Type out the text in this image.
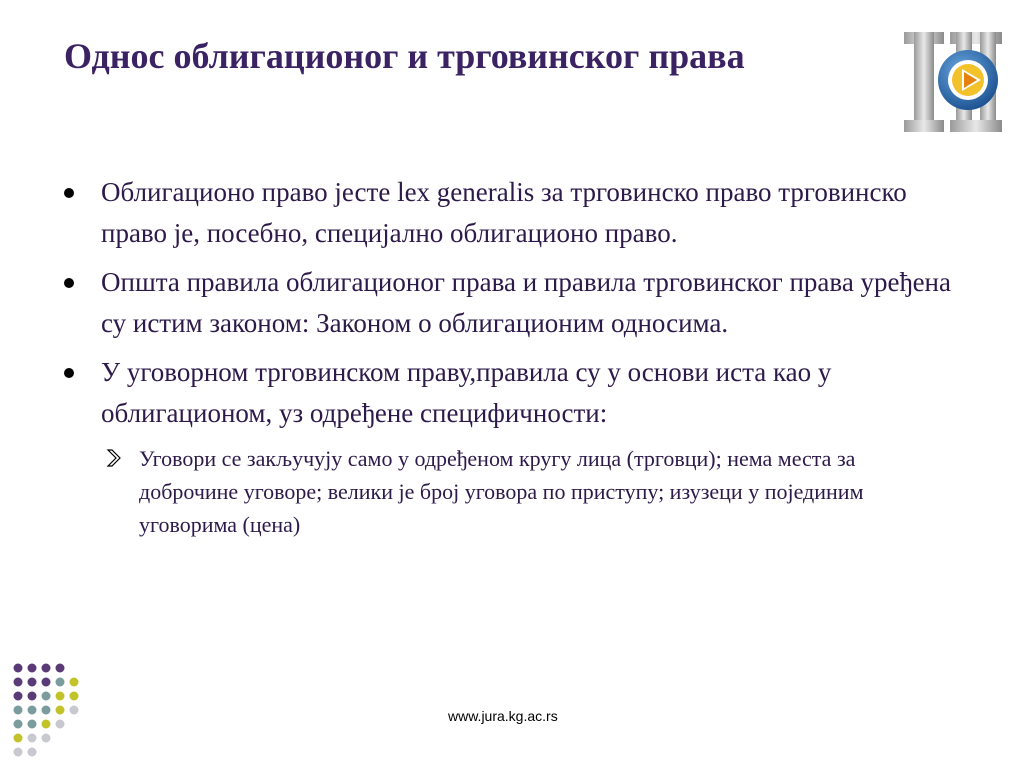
Однос облигационог и трговинског права
Облигационо право јесте lex generalis за трговинско право трговинско право је, посебно, специјално облигационо право.
Општа правила облигационог права и правила трговинског права уређена су истим законом: Законом о облигационим односима.
У уговорном трговинском праву,правила су у основи иста као у облигационом, уз одређене специфичности:
Уговори се закључују само у одређеном кругу лица (трговци); нема места за доброчине уговоре; велики је број уговора по приступу; изузеци у појединим уговорима (цена)
www.jura.kg.ac.rs
